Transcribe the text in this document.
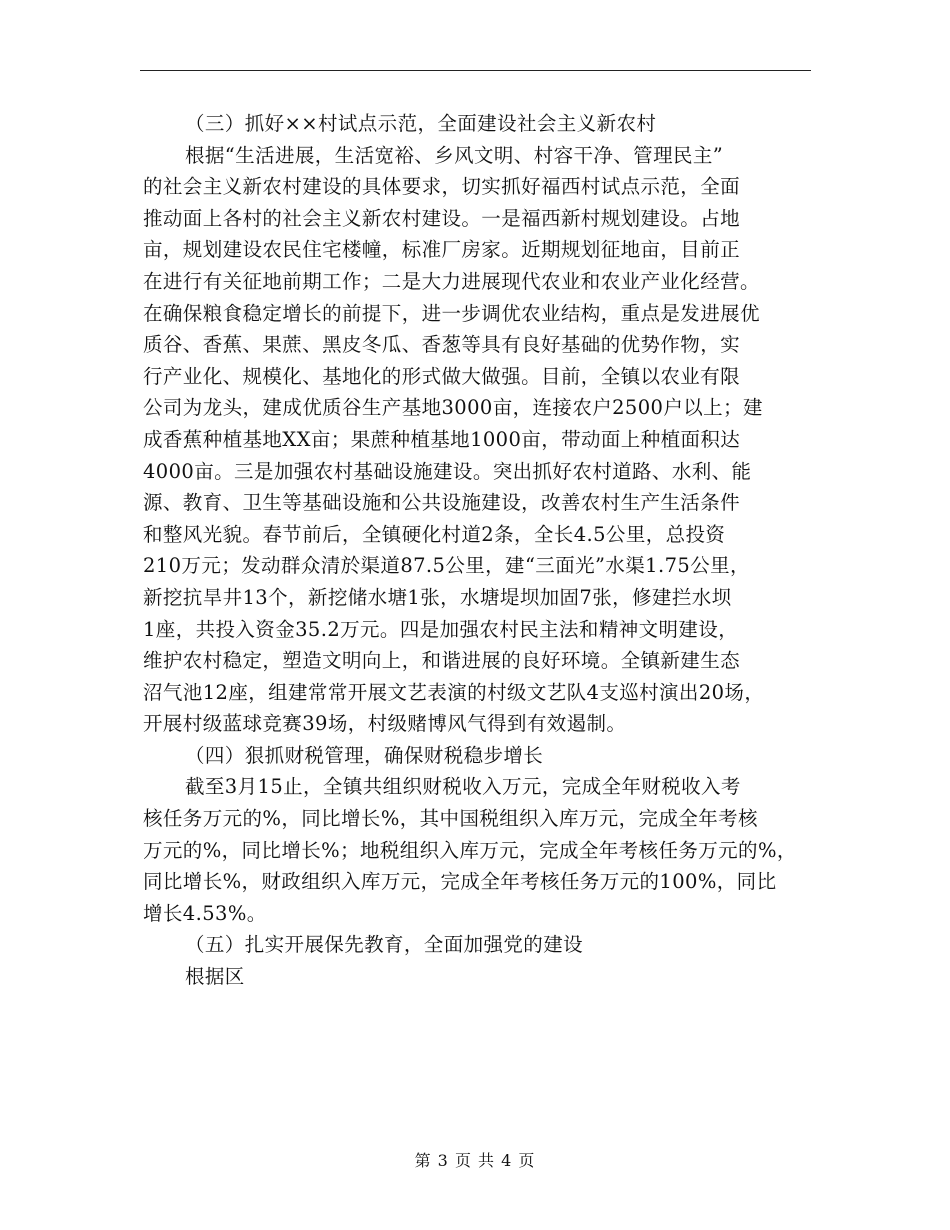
（三）抓好××村试点示范，全面建设社会主义新农村
根据“生活进展，生活宽裕、乡风文明、村容干净、管理民主”
的社会主义新农村建设的具体要求，切实抓好福西村试点示范，全面
推动面上各村的社会主义新农村建设。一是福西新村规划建设。占地
亩，规划建设农民住宅楼幢，标准厂房家。近期规划征地亩，目前正
在进行有关征地前期工作；二是大力进展现代农业和农业产业化经营。
在确保粮食稳定增长的前提下，进一步调优农业结构，重点是发进展优
质谷、香蕉、果蔗、黑皮冬瓜、香葱等具有良好基础的优势作物，实
行产业化、规模化、基地化的形式做大做强。目前，全镇以农业有限
公司为龙头，建成优质谷生产基地3000亩，连接农户2500户以上；建
成香蕉种植基地XX亩；果蔗种植基地1000亩，带动面上种植面积达
4000亩。三是加强农村基础设施建设。突出抓好农村道路、水利、能
源、教育、卫生等基础设施和公共设施建设，改善农村生产生活条件
和整风光貌。春节前后，全镇硬化村道2条，全长4.5公里，总投资
210万元；发动群众清於渠道87.5公里，建“三面光”水渠1.75公里，
新挖抗旱井13个，新挖储水塘1张，水塘堤坝加固7张，修建拦水坝
1座，共投入资金35.2万元。四是加强农村民主法和精神文明建设，
维护农村稳定，塑造文明向上，和谐进展的良好环境。全镇新建生态
沼气池12座，组建常常开展文艺表演的村级文艺队4支巡村演出20场，
开展村级蓝球竞赛39场，村级赌博风气得到有效遏制。
（四）狠抓财税管理，确保财税稳步增长
截至3月15止，全镇共组织财税收入万元，完成全年财税收入考
核任务万元的%，同比增长%，其中国税组织入库万元，完成全年考核
万元的%，同比增长%；地税组织入库万元，完成全年考核任务万元的%，
同比增长%，财政组织入库万元，完成全年考核任务万元的100%，同比
增长4.53%。
（五）扎实开展保先教育，全面加强党的建设
根据区
第 3 页 共 4 页
